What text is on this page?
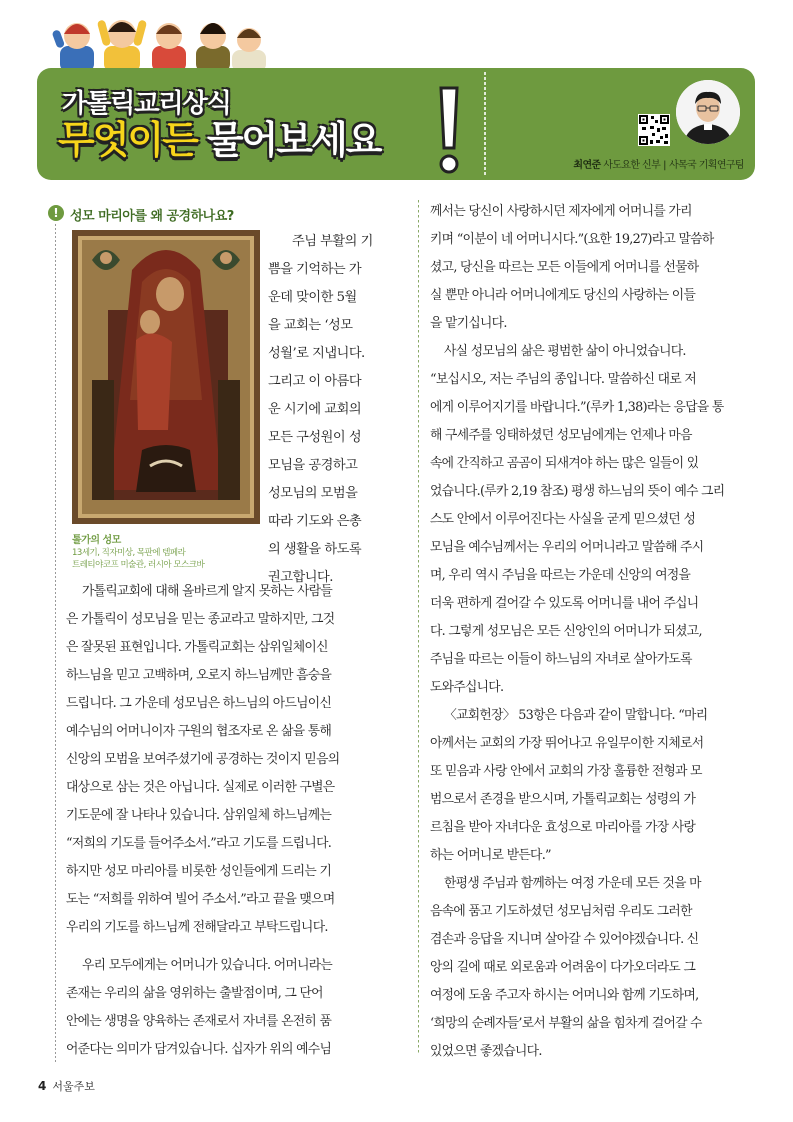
가톨릭교리상식
무엇이든 물어보세요
최연준 사도요한 신부 | 사목국 기획연구팀
! 성모 마리아를 왜 공경하나요?
톨가의 성모
13세기, 직자미상, 목판에 템페라
트레티야코프 미술관, 러시아 모스크바
주님 부활의 기
쁨을 기억하는 가
운데 맞이한 5월
을 교회는 ‘성모
성월’로 지냅니다.
그리고 이 아름다
운 시기에 교회의
모든 구성원이 성
모님을 공경하고
성모님의 모범을
따라 기도와 은총
의 생활을 하도록
권고합니다.
가톨릭교회에 대해 올바르게 알지 못하는 사람들
은 가톨릭이 성모님을 믿는 종교라고 말하지만, 그것
은 잘못된 표현입니다. 가톨릭교회는 삼위일체이신
하느님을 믿고 고백하며, 오로지 하느님께만 흠숭을
드립니다. 그 가운데 성모님은 하느님의 아드님이신
예수님의 어머니이자 구원의 협조자로 온 삶을 통해
신앙의 모범을 보여주셨기에 공경하는 것이지 믿음의
대상으로 삼는 것은 아닙니다. 실제로 이러한 구별은
기도문에 잘 나타나 있습니다. 삼위일체 하느님께는
“저희의 기도를 들어주소서.”라고 기도를 드립니다.
하지만 성모 마리아를 비롯한 성인들에게 드리는 기
도는 “저희를 위하여 빌어 주소서.”라고 끝을 맺으며
우리의 기도를 하느님께 전해달라고 부탁드립니다.
우리 모두에게는 어머니가 있습니다. 어머니라는
존재는 우리의 삶을 영위하는 출발점이며, 그 단어
안에는 생명을 양육하는 존재로서 자녀를 온전히 품
어준다는 의미가 담겨있습니다. 십자가 위의 예수님
께서는 당신이 사랑하시던 제자에게 어머니를 가리
키며 “이분이 네 어머니시다.”(요한 19,27)라고 말씀하
셨고, 당신을 따르는 모든 이들에게 어머니를 선물하
실 뿐만 아니라 어머니에게도 당신의 사랑하는 이들
을 맡기십니다.
사실 성모님의 삶은 평범한 삶이 아니었습니다.
“보십시오, 저는 주님의 종입니다. 말씀하신 대로 저
에게 이루어지기를 바랍니다.”(루카 1,38)라는 응답을 통
해 구세주를 잉태하셨던 성모님에게는 언제나 마음
속에 간직하고 곰곰이 되새겨야 하는 많은 일들이 있
었습니다.(루카 2,19 참조) 평생 하느님의 뜻이 예수 그리
스도 안에서 이루어진다는 사실을 굳게 믿으셨던 성
모님을 예수님께서는 우리의 어머니라고 말씀해 주시
며, 우리 역시 주님을 따르는 가운데 신앙의 여정을
더욱 편하게 걸어갈 수 있도록 어머니를 내어 주십니
다. 그렇게 성모님은 모든 신앙인의 어머니가 되셨고,
주님을 따르는 이들이 하느님의 자녀로 살아가도록
도와주십니다.
〈교회헌장〉 53항은 다음과 같이 말합니다. “마리
아께서는 교회의 가장 뛰어나고 유일무이한 지체로서
또 믿음과 사랑 안에서 교회의 가장 훌륭한 전형과 모
범으로서 존경을 받으시며, 가톨릭교회는 성령의 가
르침을 받아 자녀다운 효성으로 마리아를 가장 사랑
하는 어머니로 받든다.”
한평생 주님과 함께하는 여정 가운데 모든 것을 마
음속에 품고 기도하셨던 성모님처럼 우리도 그러한
겸손과 응답을 지니며 살아갈 수 있어야겠습니다. 신
앙의 길에 때로 외로움과 어려움이 다가오더라도 그
여정에 도움 주고자 하시는 어머니와 함께 기도하며,
‘희망의 순례자들’로서 부활의 삶을 힘차게 걸어갈 수
있었으면 좋겠습니다.
4 서울주보
